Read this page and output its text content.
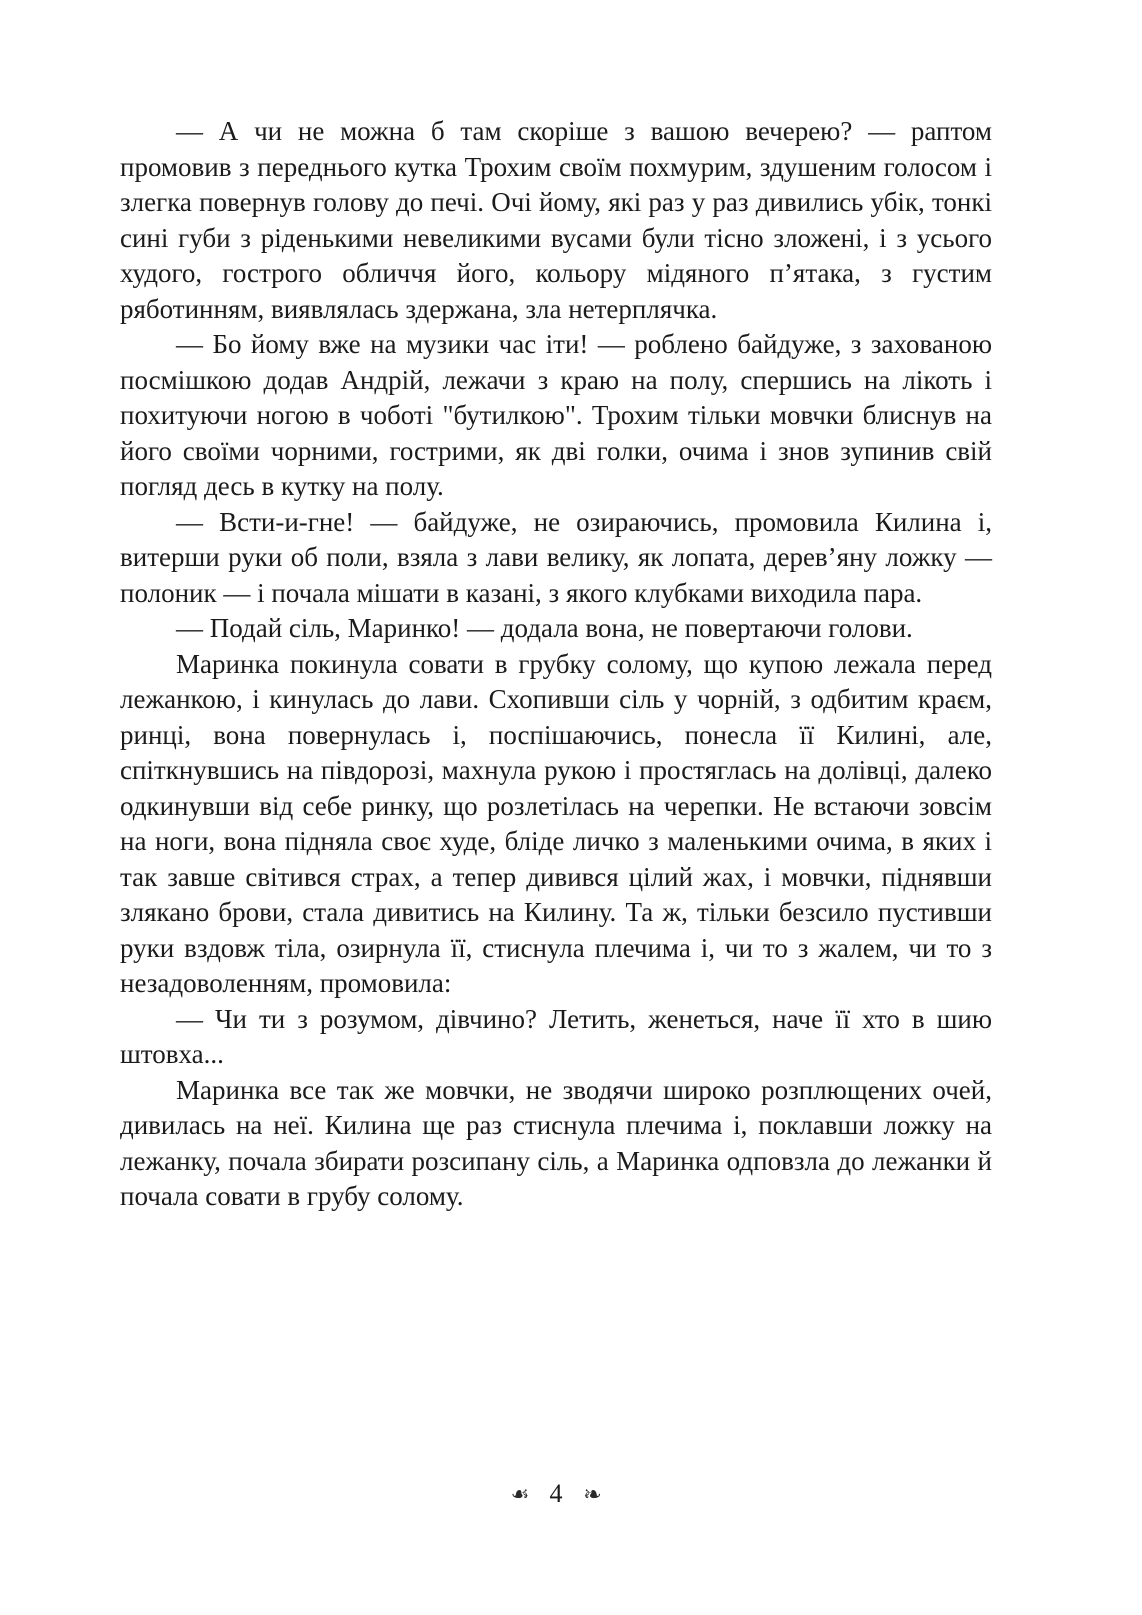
— А чи не можна б там скоріше з вашою вечерею? — раптом промовив з переднього кутка Трохим своїм похмурим, здушеним голосом і злегка повернув голову до печі. Очі йому, які раз у раз дивились убік, тонкі сині губи з ріденькими невеликими вусами були тісно зложені, і з усього худого, гострого обличчя його, кольору мідяного п’ятака, з густим ряботинням, виявлялась здержана, зла нетерплячка.

— Бо йому вже на музики час іти! — роблено байдуже, з захованою посмішкою додав Андрій, лежачи з краю на полу, спершись на лікоть і похитуючи ногою в чоботі "бутилкою". Трохим тільки мовчки блиснув на його своїми чорними, гострими, як дві голки, очима і знов зупинив свій погляд десь в кутку на полу.

— Всти-и-гне! — байдуже, не озираючись, промовила Килина і, витерши руки об поли, взяла з лави велику, як лопата, дерев’яну ложку — полоник — і почала мішати в казані, з якого клубками виходила пара.

— Подай сіль, Маринко! — додала вона, не повертаючи голови.

Маринка покинула совати в грубку солому, що купою лежала перед лежанкою, і кинулась до лави. Схопивши сіль у чорній, з одбитим краєм, ринці, вона повернулась і, поспішаючись, понесла її Килині, але, спіткнувшись на півдорозі, махнула рукою і простяглась на долівці, далеко одкинувши від себе ринку, що розлетілась на черепки. Не встаючи зовсім на ноги, вона підняла своє худе, бліде личко з маленькими очима, в яких і так завше світився страх, а тепер дивився цілий жах, і мовчки, піднявши злякано брови, стала дивитись на Килину. Та ж, тільки безсило пустивши руки вздовж тіла, озирнула її, стиснула плечима і, чи то з жалем, чи то з незадоволенням, промовила:

— Чи ти з розумом, дівчино? Летить, женеться, наче її хто в шию штовха...

Маринка все так же мовчки, не зводячи широко розплющених очей, дивилась на неї. Килина ще раз стиснула плечима і, поклавши ложку на лежанку, почала збирати розсипану сіль, а Маринка одповзла до лежанки й почала совати в грубу солому.

☙ 4 ☙
